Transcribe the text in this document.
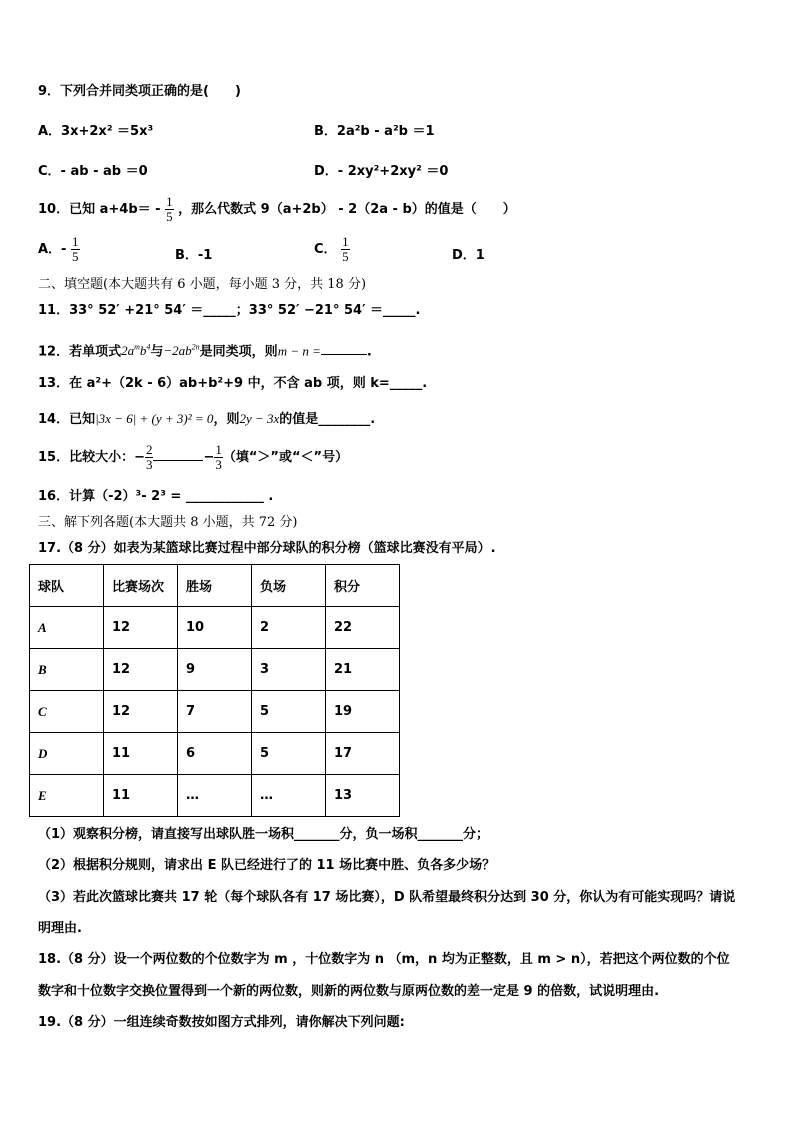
9．下列合并同类项正确的是(　　)
A．3x+2x² ＝5x³	B．2a²b - a²b ＝1
C．- ab - ab ＝0	D．- 2xy²+2xy² ＝0
10．已知 $a+4b= - \frac{1}{5}$ ，那么代数式 9（a+2b） - 2（2a - b）的值是（　　）
A．- $\frac{1}{5}$	B．-1	C． $\frac{1}{5}$	D．1
二、填空题(本大题共有 6 小题，每小题 3 分，共 18 分)
11．33° 52′ +21° 54′ ＝_____；33° 52′ −21° 54′ ＝_____.
12．若单项式$2a^mb^4$与$-2ab^{2n}$是同类项，则m − n =	.
13．在 a²+（2k - 6）ab+b²+9 中，不含 ab 项，则 k=_____.
14．已知|3x − 6| + (y + 3)² = 0，则2y − 3x的值是________.
15．比较大小：− $\frac{2}{3}$	− $\frac{1}{3}$ （填“＞”或“＜”号）
16．计算（-2）³- 2³ = ____________ .
三、解下列各题(本大题共 8 小题，共 72 分)
17.（8 分）如表为某篮球比赛过程中部分球队的积分榜（篮球比赛没有平局）.
球队	比赛场次	胜场	负场	积分
A	12	10	2	22
B	12	9	3	21
C	12	7	5	19
D	11	6	5	17
E	11	…	…	13
（1）观察积分榜，请直接写出球队胜一场积_______分，负一场积_______分；
（2）根据积分规则，请求出 E 队已经进行了的 11 场比赛中胜、负各多少场？
（3）若此次篮球比赛共 17 轮（每个球队各有 17 场比赛），D 队希望最终积分达到 30 分，你认为有可能实现吗？请说
明理由.
18.（8 分）设一个两位数的个位数字为 m ，十位数字为 n （m，n 均为正整数，且 m > n），若把这个两位数的个位
数字和十位数字交换位置得到一个新的两位数，则新的两位数与原两位数的差一定是 9 的倍数，试说明理由.
19.（8 分）一组连续奇数按如图方式排列，请你解决下列问题:
